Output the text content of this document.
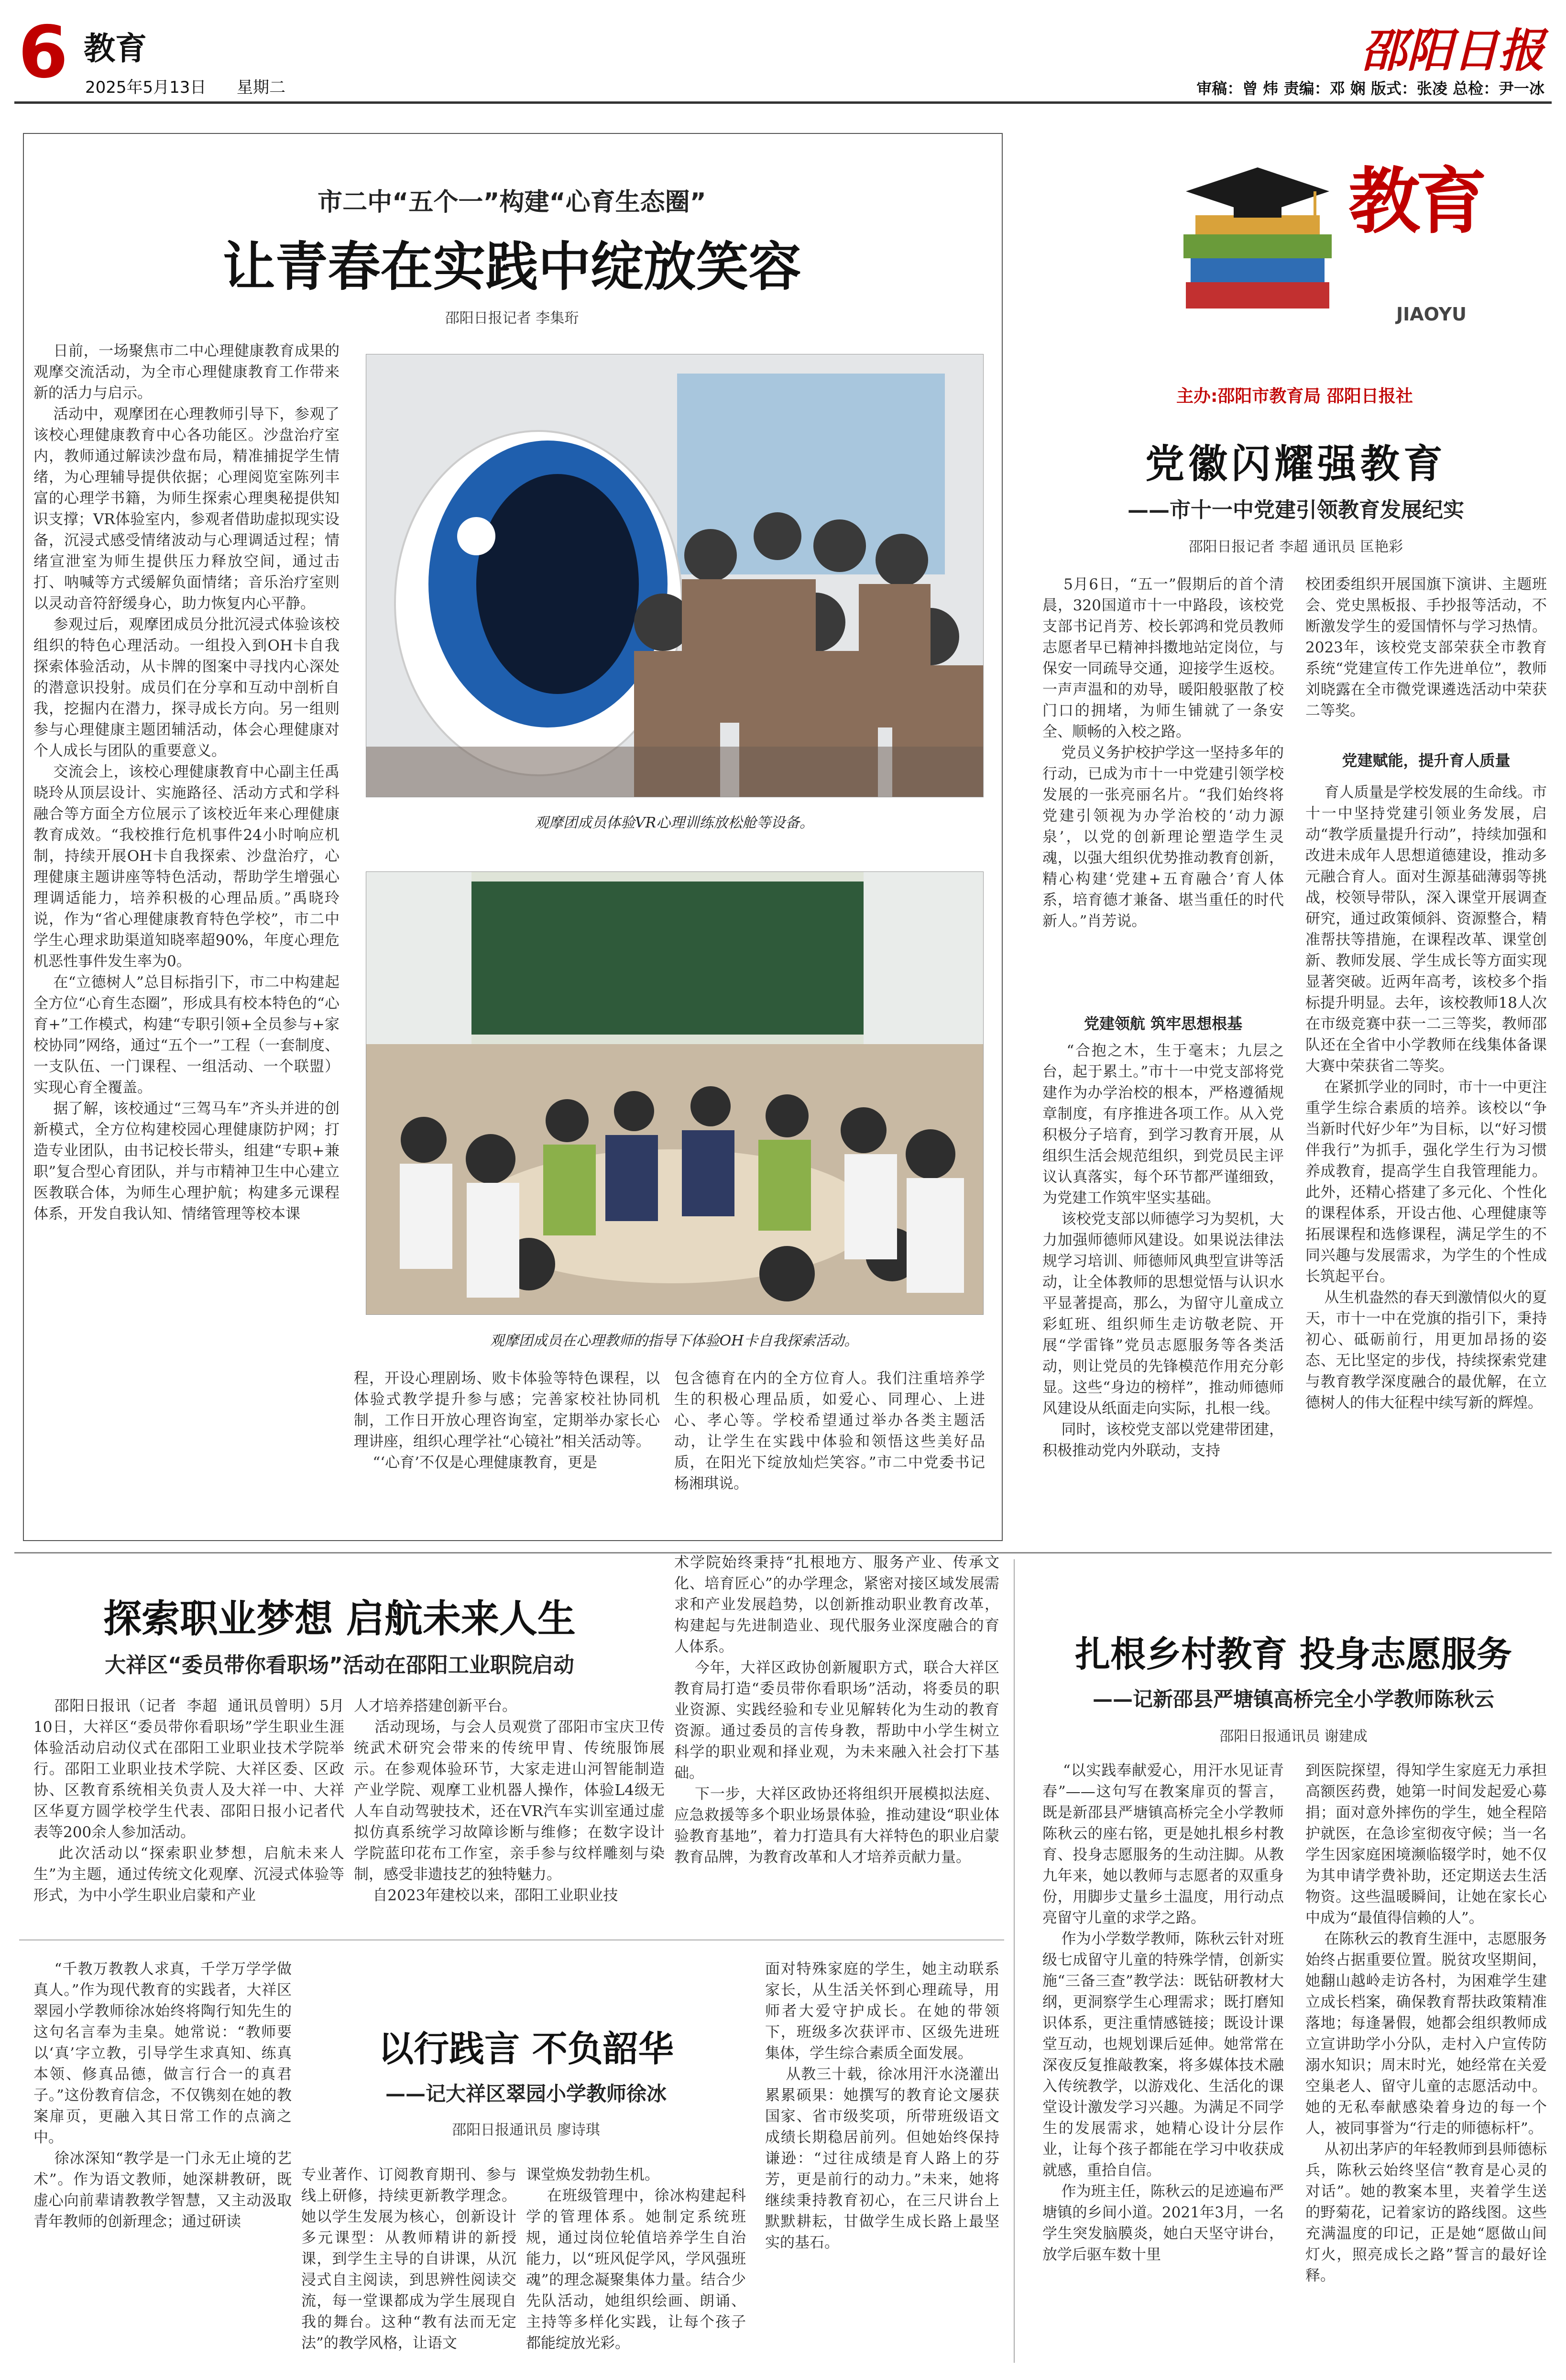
6 教育
2025年5月13日 星期二
邵阳日报
审稿：曾 炜 责编：邓 娴 版式：张凌 总检：尹一冰
市二中“五个一”构建“心育生态圈”
让青春在实践中绽放笑容
邵阳日报记者 李集珩
日前，一场聚焦市二中心理健康教育成果的观摩交流活动，为全市心理健康教育工作带来新的活力与启示。
活动中，观摩团在心理教师引导下，参观了该校心理健康教育中心各功能区。沙盘治疗室内，教师通过解读沙盘布局，精准捕捉学生情绪，为心理辅导提供依据；心理阅览室陈列丰富的心理学书籍，为师生探索心理奥秘提供知识支撑；VR体验室内，参观者借助虚拟现实设备，沉浸式感受情绪波动与心理调适过程；情绪宣泄室为师生提供压力释放空间，通过击打、呐喊等方式缓解负面情绪；音乐治疗室则以灵动音符舒缓身心，助力恢复内心平静。
参观过后，观摩团成员分批沉浸式体验该校组织的特色心理活动。一组投入到OH卡自我探索体验活动，从卡牌的图案中寻找内心深处的潜意识投射。成员们在分享和互动中剖析自我，挖掘内在潜力，探寻成长方向。另一组则参与心理健康主题团辅活动，体会心理健康对个人成长与团队的重要意义。
交流会上，该校心理健康教育中心副主任禹晓玲从顶层设计、实施路径、活动方式和学科融合等方面全方位展示了该校近年来心理健康教育成效。“我校推行危机事件24小时响应机制，持续开展OH卡自我探索、沙盘治疗，心理健康主题讲座等特色活动，帮助学生增强心理调适能力，培养积极的心理品质。”禹晓玲说，作为“省心理健康教育特色学校”，市二中学生心理求助渠道知晓率超90%，年度心理危机恶性事件发生率为0。
在“立德树人”总目标指引下，市二中构建起全方位“心育生态圈”，形成具有校本特色的“心育+”工作模式，构建“专职引领+全员参与+家校协同”网络，通过“五个一”工程（一套制度、一支队伍、一门课程、一组活动、一个联盟）实现心育全覆盖。
据了解，该校通过“三驾马车”齐头并进的创新模式，全方位构建校园心理健康防护网；打造专业团队，由书记校长带头，组建“专职+兼职”复合型心育团队，并与市精神卫生中心建立医教联合体，为师生心理护航；构建多元课程体系，开发自我认知、情绪管理等校本课
观摩团成员体验VR心理训练放松舱等设备。
观摩团成员在心理教师的指导下体验OH卡自我探索活动。
程，开设心理剧场、败卡体验等特色课程，以体验式教学提升参与感；完善家校社协同机制，工作日开放心理咨询室，定期举办家长心理讲座，组织心理学社“心镜社”相关活动等。
“‘心育’不仅是心理健康教育，更是
包含德育在内的全方位育人。我们注重培养学生的积极心理品质，如爱心、同理心、上进心、孝心等。学校希望通过举办各类主题活动，让学生在实践中体验和领悟这些美好品质，在阳光下绽放灿烂笑容。”市二中党委书记杨湘琪说。
教育
JIAOYU
主办:邵阳市教育局 邵阳日报社
党徽闪耀强教育
——市十一中党建引领教育发展纪实
邵阳日报记者 李超 通讯员 匡艳彩
5月6日，“五一”假期后的首个清晨，320国道市十一中路段，该校党支部书记肖芳、校长郭鸿和党员教师志愿者早已精神抖擞地站定岗位，与保安一同疏导交通，迎接学生返校。一声声温和的劝导，暖阳般驱散了校门口的拥堵，为师生铺就了一条安全、顺畅的入校之路。
党员义务护校护学这一坚持多年的行动，已成为市十一中党建引领学校发展的一张亮丽名片。“我们始终将党建引领视为办学治校的‘动力源泉’，以党的创新理论塑造学生灵魂，以强大组织优势推动教育创新，精心构建‘党建+五育融合’育人体系，培育德才兼备、堪当重任的时代新人。”肖芳说。
党建领航 筑牢思想根基
“合抱之木，生于毫末；九层之台，起于累土。”市十一中党支部将党建作为办学治校的根本，严格遵循规章制度，有序推进各项工作。从入党积极分子培育，到学习教育开展，从组织生活会规范组织，到党员民主评议认真落实，每个环节都严谨细致，为党建工作筑牢坚实基础。
该校党支部以师德学习为契机，大力加强师德师风建设。如果说法律法规学习培训、师德师风典型宣讲等活动，让全体教师的思想觉悟与认识水平显著提高，那么，为留守儿童成立彩虹班、组织师生走访敬老院、开展“学雷锋”党员志愿服务等各类活动，则让党员的先锋模范作用充分彰显。这些“身边的榜样”，推动师德师风建设从纸面走向实际，扎根一线。
同时，该校党支部以党建带团建，积极推动党内外联动，支持
校团委组织开展国旗下演讲、主题班会、党史黑板报、手抄报等活动，不断激发学生的爱国情怀与学习热情。2023年，该校党支部荣获全市教育系统“党建宣传工作先进单位”，教师刘晓露在全市微党课遴选活动中荣获二等奖。
党建赋能，提升育人质量
育人质量是学校发展的生命线。市十一中坚持党建引领业务发展，启动“教学质量提升行动”，持续加强和改进未成年人思想道德建设，推动多元融合育人。面对生源基础薄弱等挑战，校领导带队，深入课堂开展调查研究，通过政策倾斜、资源整合，精准帮扶等措施，在课程改革、课堂创新、教师发展、学生成长等方面实现显著突破。近两年高考，该校多个指标提升明显。去年，该校教师18人次在市级竞赛中获一二三等奖，教师邵队还在全省中小学教师在线集体备课大赛中荣获省二等奖。
在紧抓学业的同时，市十一中更注重学生综合素质的培养。该校以“争当新时代好少年”为目标，以“好习惯伴我行”为抓手，强化学生行为习惯养成教育，提高学生自我管理能力。此外，还精心搭建了多元化、个性化的课程体系，开设古他、心理健康等拓展课程和选修课程，满足学生的不同兴趣与发展需求，为学生的个性成长筑起平台。
从生机盎然的春天到激情似火的夏天，市十一中在党旗的指引下，秉持初心、砥砺前行，用更加昂扬的姿态、无比坚定的步伐，持续探索党建与教育教学深度融合的最优解，在立德树人的伟大征程中续写新的辉煌。
探索职业梦想 启航未来人生
大祥区“委员带你看职场”活动在邵阳工业职院启动
邵阳日报讯（记者  李超  通讯员曾明）5月10日，大祥区“委员带你看职场”学生职业生涯体验活动启动仪式在邵阳工业职业技术学院举行。邵阳工业职业技术学院、大祥区委、区政协、区教育系统相关负责人及大祥一中、大祥区华夏方圆学校学生代表、邵阳日报小记者代表等200余人参加活动。
此次活动以“探索职业梦想，启航未来人生”为主题，通过传统文化观摩、沉浸式体验等形式，为中小学生职业启蒙和产业
人才培养搭建创新平台。
活动现场，与会人员观赏了邵阳市宝庆卫传统武术研究会带来的传统甲胄、传统服饰展示。在参观体验环节，大家走进山河智能制造产业学院、观摩工业机器人操作，体验L4级无人车自动驾驶技术，还在VR汽车实训室通过虚拟仿真系统学习故障诊断与维修；在数字设计学院蓝印花布工作室，亲手参与纹样雕刻与染制，感受非遗技艺的独特魅力。
自2023年建校以来，邵阳工业职业技
术学院始终秉持“扎根地方、服务产业、传承文化、培育匠心”的办学理念，紧密对接区域发展需求和产业发展趋势，以创新推动职业教育改革，构建起与先进制造业、现代服务业深度融合的育人体系。
今年，大祥区政协创新履职方式，联合大祥区教育局打造“委员带你看职场”活动，将委员的职业资源、实践经验和专业见解转化为生动的教育资源。通过委员的言传身教，帮助中小学生树立科学的职业观和择业观，为未来融入社会打下基础。
下一步，大祥区政协还将组织开展模拟法庭、应急救援等多个职业场景体验，推动建设“职业体验教育基地”，着力打造具有大祥特色的职业启蒙教育品牌，为教育改革和人才培养贡献力量。
扎根乡村教育 投身志愿服务
——记新邵县严塘镇高桥完全小学教师陈秋云
邵阳日报通讯员 谢建成
“以实践奉献爱心，用汗水见证青春”——这句写在教案扉页的誓言，既是新邵县严塘镇高桥完全小学教师陈秋云的座右铭，更是她扎根乡村教育、投身志愿服务的生动注脚。从教九年来，她以教师与志愿者的双重身份，用脚步丈量乡土温度，用行动点亮留守儿童的求学之路。
作为小学数学教师，陈秋云针对班级七成留守儿童的特殊学情，创新实施“三备三查”教学法：既钻研教材大纲，更洞察学生心理需求；既打磨知识体系，更注重情感链接；既设计课堂互动，也规划课后延伸。她常常在深夜反复推敲教案，将多媒体技术融入传统教学，以游戏化、生活化的课堂设计激发学习兴趣。为满足不同学生的发展需求，她精心设计分层作业，让每个孩子都能在学习中收获成就感，重拾自信。
作为班主任，陈秋云的足迹遍布严塘镇的乡间小道。2021年3月，一名学生突发脑膜炎，她白天坚守讲台，放学后驱车数十里
到医院探望，得知学生家庭无力承担高额医药费，她第一时间发起爱心募捐；面对意外摔伤的学生，她全程陪护就医，在急诊室彻夜守候；当一名学生因家庭困境濒临辍学时，她不仅为其申请学费补助，还定期送去生活物资。这些温暖瞬间，让她在家长心中成为“最值得信赖的人”。
在陈秋云的教育生涯中，志愿服务始终占据重要位置。脱贫攻坚期间，她翻山越岭走访各村，为困难学生建立成长档案，确保教育帮扶政策精准落地；每逢暑假，她都会组织教师成立宣讲助学小分队，走村入户宣传防溺水知识；周末时光，她经常在关爱空巢老人、留守儿童的志愿活动中。她的无私奉献感染着身边的每一个人，被同事誉为“行走的师德标杆”。
从初出茅庐的年轻教师到县师德标兵，陈秋云始终坚信“教育是心灵的对话”。她的教案本里，夹着学生送的野菊花，记着家访的路线图。这些充满温度的印记，正是她“愿做山间灯火，照亮成长之路”誓言的最好诠释。
“千教万教教人求真，千学万学学做真人。”作为现代教育的实践者，大祥区翠园小学教师徐冰始终将陶行知先生的这句名言奉为圭臬。她常说：“教师要以‘真’字立教，引导学生求真知、练真本领、修真品德，做言行合一的真君子。”这份教育信念，不仅镌刻在她的教案扉页，更融入其日常工作的点滴之中。
徐冰深知“教学是一门永无止境的艺术”。作为语文教师，她深耕教研，既虚心向前辈请教教学智慧，又主动汲取青年教师的创新理念；通过研读
以行践言 不负韶华
——记大祥区翠园小学教师徐冰
邵阳日报通讯员 廖诗琪
专业著作、订阅教育期刊、参与线上研修，持续更新教学理念。她以学生发展为核心，创新设计多元课型：从教师精讲的新授课，到学生主导的自讲课，从沉浸式自主阅读，到思辨性阅读交流，每一堂课都成为学生展现自我的舞台。这种“教有法而无定法”的教学风格，让语文
课堂焕发勃勃生机。
在班级管理中，徐冰构建起科学的管理体系。她制定系统班规，通过岗位轮值培养学生自治能力，以“班风促学风，学风强班魂”的理念凝聚集体力量。结合少先队活动，她组织绘画、朗诵、主持等多样化实践，让每个孩子都能绽放光彩。
面对特殊家庭的学生，她主动联系家长，从生活关怀到心理疏导，用师者大爱守护成长。在她的带领下，班级多次获评市、区级先进班集体，学生综合素质全面发展。
从教三十载，徐冰用汗水浇灌出累累硕果：她撰写的教育论文屡获国家、省市级奖项，所带班级语文成绩长期稳居前列。但她始终保持谦逊：“过往成绩是育人路上的芬芳，更是前行的动力。”未来，她将继续秉持教育初心，在三尺讲台上默默耕耘，甘做学生成长路上最坚实的基石。
